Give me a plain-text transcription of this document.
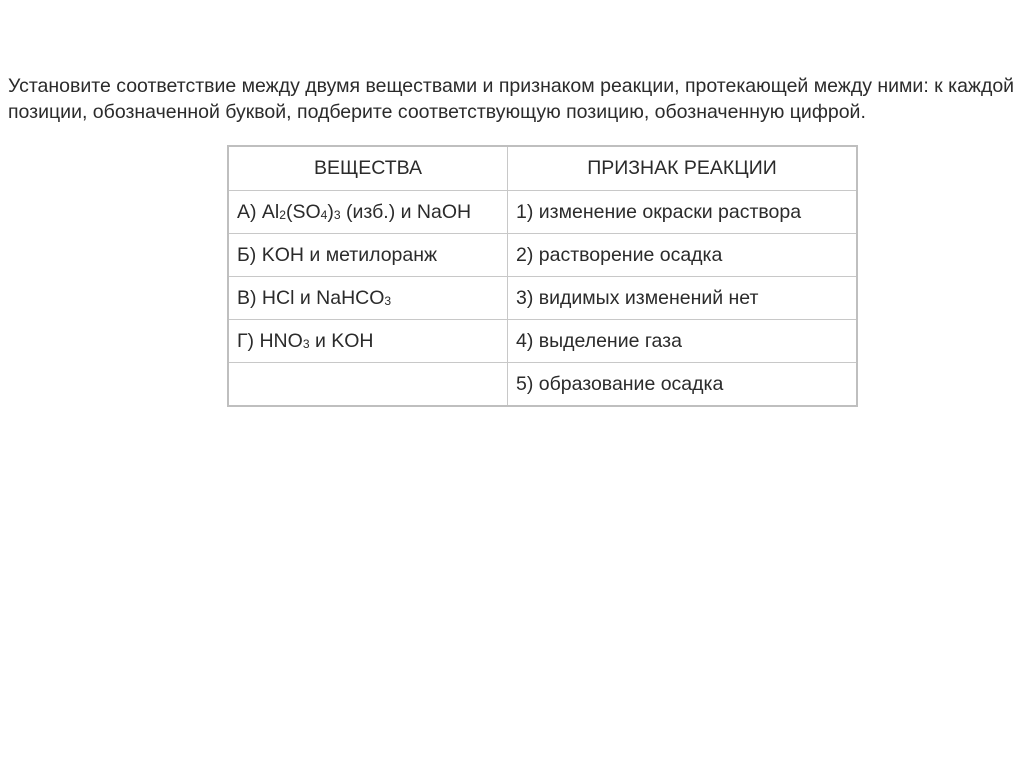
Установите соответствие между двумя веществами и признаком реакции, протекающей между ними: к каждой позиции, обозначенной буквой, подберите соответствующую позицию, обозначенную цифрой.

ВЕЩЕСТВА	ПРИЗНАК РЕАКЦИИ
А) $Al_2(SO_4)_3$ (изб.) и NaOH	1) изменение окраски раствора
Б) KOH и метилоранж	2) растворение осадка
В) HCl и NaHCO$_3$	3) видимых изменений нет
Г) $HNO_3$ и KOH	4) выделение газа
	5) образование осадка
